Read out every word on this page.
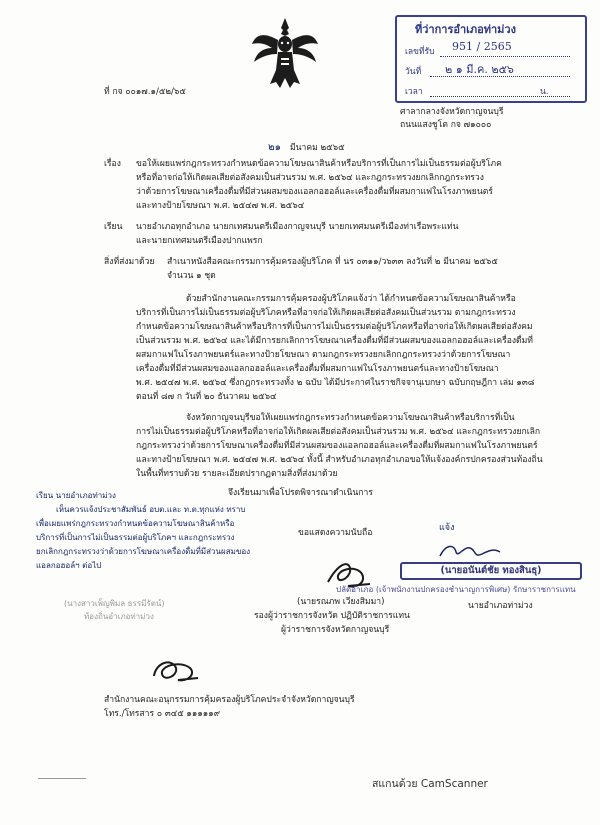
ที่ว่าการอำเภอท่าม่วง
เลขที่รับ 951 / 2565
วันที่ ๒ ๑ มี.ค. ๒๕๖
เวลา	น.
ที่ กจ ๐๐๑๗.๑/๕๒/๖๕
ศาลากลางจังหวัดกาญจนบุรี
ถนนแสงชูโต กจ ๗๑๐๐๐
๒๑ มีนาคม ๒๕๖๕
เรื่อง ขอให้เผยแพร่กฎกระทรวงกำหนดข้อความโฆษณาสินค้าหรือบริการที่เป็นการไม่เป็นธรรมต่อผู้บริโภค
หรือที่อาจก่อให้เกิดผลเสียต่อสังคมเป็นส่วนรวม พ.ศ. ๒๕๖๔ และกฎกระทรวงยกเลิกกฎกระทรวง
ว่าด้วยการโฆษณาเครื่องดื่มที่มีส่วนผสมของแอลกอฮอล์และเครื่องดื่มที่ผสมกาแฟในโรงภาพยนตร์
และทางป้ายโฆษณา พ.ศ. ๒๕๔๗ พ.ศ. ๒๕๖๔
เรียน นายอำเภอทุกอำเภอ นายกเทศมนตรีเมืองกาญจนบุรี นายกเทศมนตรีเมืองท่าเรือพระแท่น
และนายกเทศมนตรีเมืองปากแพรก
สิ่งที่ส่งมาด้วย สำเนาหนังสือคณะกรรมการคุ้มครองผู้บริโภค ที่ นร ๐๓๑๑/ว๖๓๓ ลงวันที่ ๒ มีนาคม ๒๕๖๕
จำนวน ๑ ชุด
ด้วยสำนักงานคณะกรรมการคุ้มครองผู้บริโภคแจ้งว่า ได้กำหนดข้อความโฆษณาสินค้าหรือ
บริการที่เป็นการไม่เป็นธรรมต่อผู้บริโภคหรือที่อาจก่อให้เกิดผลเสียต่อสังคมเป็นส่วนรวม ตามกฎกระทรวง
กำหนดข้อความโฆษณาสินค้าหรือบริการที่เป็นการไม่เป็นธรรมต่อผู้บริโภคหรือที่อาจก่อให้เกิดผลเสียต่อสังคม
เป็นส่วนรวม พ.ศ. ๒๕๖๔ และได้มีการยกเลิกการโฆษณาเครื่องดื่มที่มีส่วนผสมของแอลกอฮอล์และเครื่องดื่มที่
ผสมกาแฟในโรงภาพยนตร์และทางป้ายโฆษณา ตามกฎกระทรวงยกเลิกกฎกระทรวงว่าด้วยการโฆษณา
เครื่องดื่มที่มีส่วนผสมของแอลกอฮอล์และเครื่องดื่มที่ผสมกาแฟในโรงภาพยนตร์และทางป้ายโฆษณา
พ.ศ. ๒๕๔๗ พ.ศ. ๒๕๖๔ ซึ่งกฎกระทรวงทั้ง ๒ ฉบับ ได้มีประกาศในราชกิจจานุเบกษา ฉบับกฤษฎีกา เล่ม ๑๓๘
ตอนที่ ๘๗ ก วันที่ ๒๐ ธันวาคม ๒๕๖๔
จังหวัดกาญจนบุรีขอให้เผยแพร่กฎกระทรวงกำหนดข้อความโฆษณาสินค้าหรือบริการที่เป็น
การไม่เป็นธรรมต่อผู้บริโภคหรือที่อาจก่อให้เกิดผลเสียต่อสังคมเป็นส่วนรวม พ.ศ. ๒๕๖๔ และกฎกระทรวงยกเลิก
กฎกระทรวงว่าด้วยการโฆษณาเครื่องดื่มที่มีส่วนผสมของแอลกอฮอล์และเครื่องดื่มที่ผสมกาแฟในโรงภาพยนตร์
และทางป้ายโฆษณา พ.ศ. ๒๕๔๗ พ.ศ. ๒๕๖๔ ทั้งนี้ สำหรับอำเภอทุกอำเภอขอให้แจ้งองค์กรปกครองส่วนท้องถิ่น
ในพื้นที่ทราบด้วย รายละเอียดปรากฏตามสิ่งที่ส่งมาด้วย
จึงเรียนมาเพื่อโปรดพิจารณาดำเนินการ
เรียน นายอำเภอท่าม่วง
เห็นควรแจ้งประชาสัมพันธ์ อบต.และ ท.ต.ทุกแห่ง ทราบ
เพื่อเผยแพร่กฎกระทรวงกำหนดข้อความโฆษณาสินค้าหรือ
บริการที่เป็นการไม่เป็นธรรมต่อผู้บริโภคฯ และกฎกระทรวง
ยกเลิกกฎกระทรวงว่าด้วยการโฆษณาเครื่องดื่มที่มีส่วนผสมของ
แอลกอฮอล์ฯ ต่อไป
(นางสาวเพ็ญพิมล ธรรมีรัตน์)
ท้องถิ่นอำเภอท่าม่วง
ขอแสดงความนับถือ
(นายรณภพ เวียงสิมมา)
รองผู้ว่าราชการจังหวัด ปฏิบัติราชการแทน
ผู้ว่าราชการจังหวัดกาญจนบุรี
แจ้ง
(นายอนันต์ชัย ทองสินธุ)
ปลัดอำเภอ (เจ้าพนักงานปกครองชำนาญการพิเศษ) รักษาราชการแทน
นายอำเภอท่าม่วง
สำนักงานคณะอนุกรรมการคุ้มครองผู้บริโภคประจำจังหวัดกาญจนบุรี
โทร./โทรสาร ๐ ๓๔๕ ๑๑๑๑๑๙
สแกนด้วย CamScanner
